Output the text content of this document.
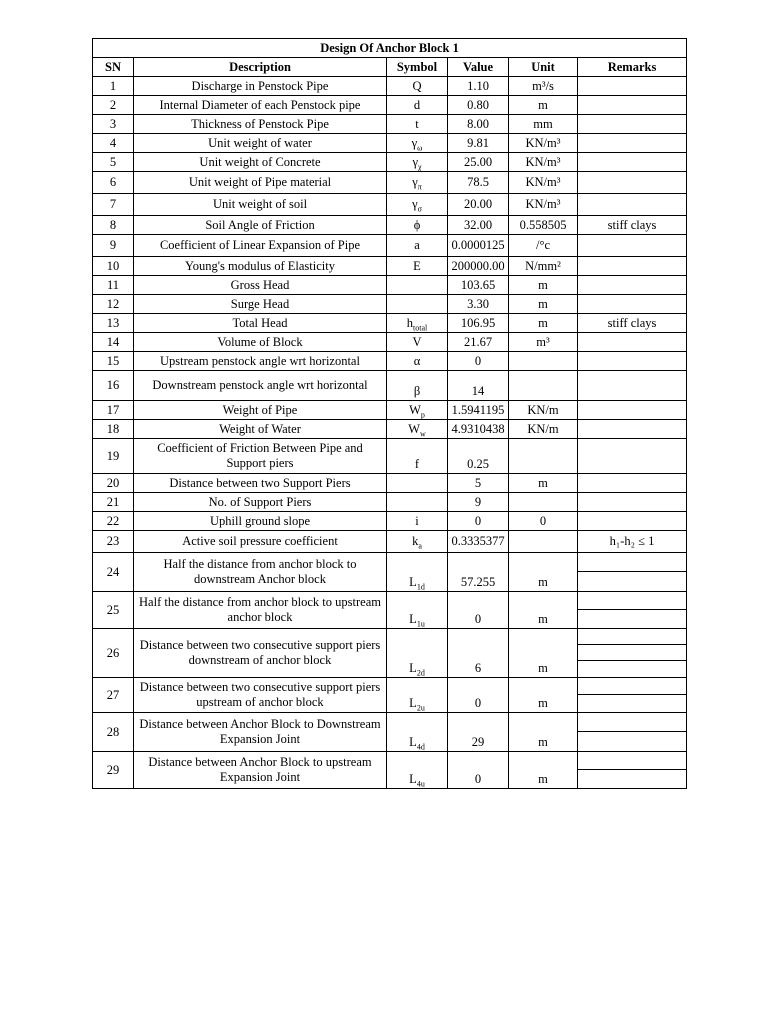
Design Of Anchor Block 1					
SN	Description	Symbol	Value	Unit	Remarks
1	Discharge in Penstock Pipe	Q	1.10	m³/s	
2	Internal Diameter of each Penstock pipe	d	0.80	m	
3	Thickness of Penstock Pipe	t	8.00	mm	
4	Unit weight of water	$\gamma_\omega$	9.81	KN/m³	
5	Unit weight of Concrete	$\gamma_\chi$	25.00	KN/m³	
6	Unit weight of Pipe material	$\gamma_\pi$	78.5	KN/m³	
7	Unit weight of soil	$\gamma_\sigma$	20.00	KN/m³	
8	Soil Angle of Friction	ϕ	32.00	0.558505	stiff clays
9	Coefficient of Linear Expansion of Pipe	a	0.0000125	/°c	
10	Young's modulus of Elasticity	E	200000.00	N/mm²	
11	Gross Head		103.65	m	
12	Surge Head		3.30	m	
13	Total Head	$h_{total}$	106.95	m	stiff clays
14	Volume of Block	V	21.67	m³	
15	Upstream penstock angle wrt horizontal	α	0		
16	Downstream penstock angle wrt horizontal	β	14		
17	Weight of Pipe	$W_p$	1.5941195	KN/m	
18	Weight of Water	$W_w$	4.9310438	KN/m	
19	Coefficient of Friction Between Pipe and Support piers	f	0.25		
20	Distance between two Support Piers		5	m	
21	No. of Support Piers		9		
22	Uphill ground slope	i	0	0	
23	Active soil pressure coefficient	$k_a$	0.3335377		h₁-h₂ ≤ 1
24	Half the distance from anchor block to downstream Anchor block	$L_{1d}$	57.255	m	

25	Half the distance from anchor block to upstream anchor block	$L_{1u}$	0	m	

26	Distance between two consecutive support piers downstream of anchor block	$L_{2d}$	6	m	

27	Distance between two consecutive support piers upstream of anchor block	$L_{2u}$	0	m	

28	Distance between Anchor Block to Downstream Expansion Joint	$L_{4d}$	29	m	

29	Distance between Anchor Block to upstream Expansion Joint	$L_{4u}$	0	m	
